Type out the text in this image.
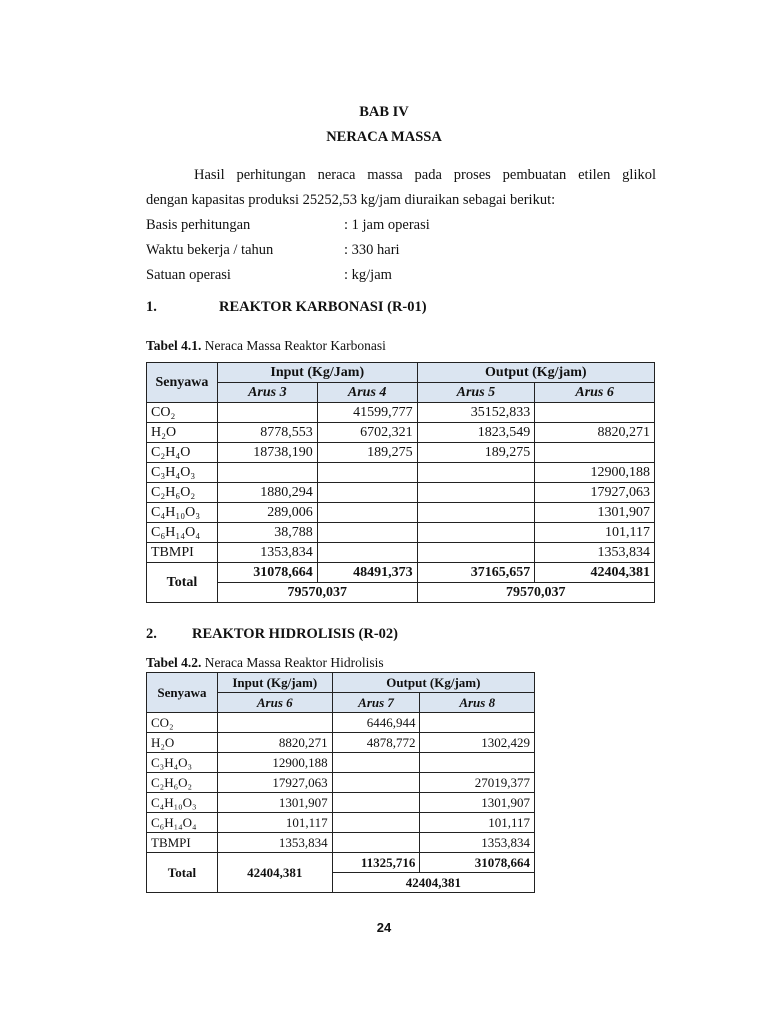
BAB IV
NERACA MASSA
Hasil perhitungan neraca massa pada proses pembuatan etilen glikol
dengan kapasitas produksi 25252,53 kg/jam diuraikan sebagai berikut:
Basis perhitungan	: 1 jam operasi
Waktu bekerja / tahun	: 330 hari
Satuan operasi	: kg/jam
1.	REAKTOR KARBONASI (R-01)
Tabel 4.1. Neraca Massa Reaktor Karbonasi
Senyawa	Input (Kg/Jam)		Output (Kg/jam)	
	Arus 3	Arus 4	Arus 5	Arus 6
CO₂		41599,777	35152,833	
H₂O	8778,553	6702,321	1823,549	8820,271
C₂H₄O	18738,190	189,275	189,275	
C₃H₄O₃				12900,188
C₂H₆O₂	1880,294			17927,063
C₄H₁₀O₃	289,006			1301,907
C₆H₁₄O₄	38,788			101,117
TBMPI	1353,834			1353,834
Total	31078,664	48491,373	37165,657	42404,381
	79570,037		79570,037	
2. REAKTOR HIDROLISIS (R-02)
Tabel 4.2. Neraca Massa Reaktor Hidrolisis
Senyawa	Input (Kg/jam)	Output (Kg/jam)	
	Arus 6	Arus 7	Arus 8
CO₂		6446,944	
H₂O	8820,271	4878,772	1302,429
C₃H₄O₃	12900,188		
C₂H₆O₂	17927,063		27019,377
C₄H₁₀O₃	1301,907		1301,907
C₆H₁₄O₄	101,117		101,117
TBMPI	1353,834		1353,834
Total	42404,381	11325,716	31078,664
		42404,381	
24
